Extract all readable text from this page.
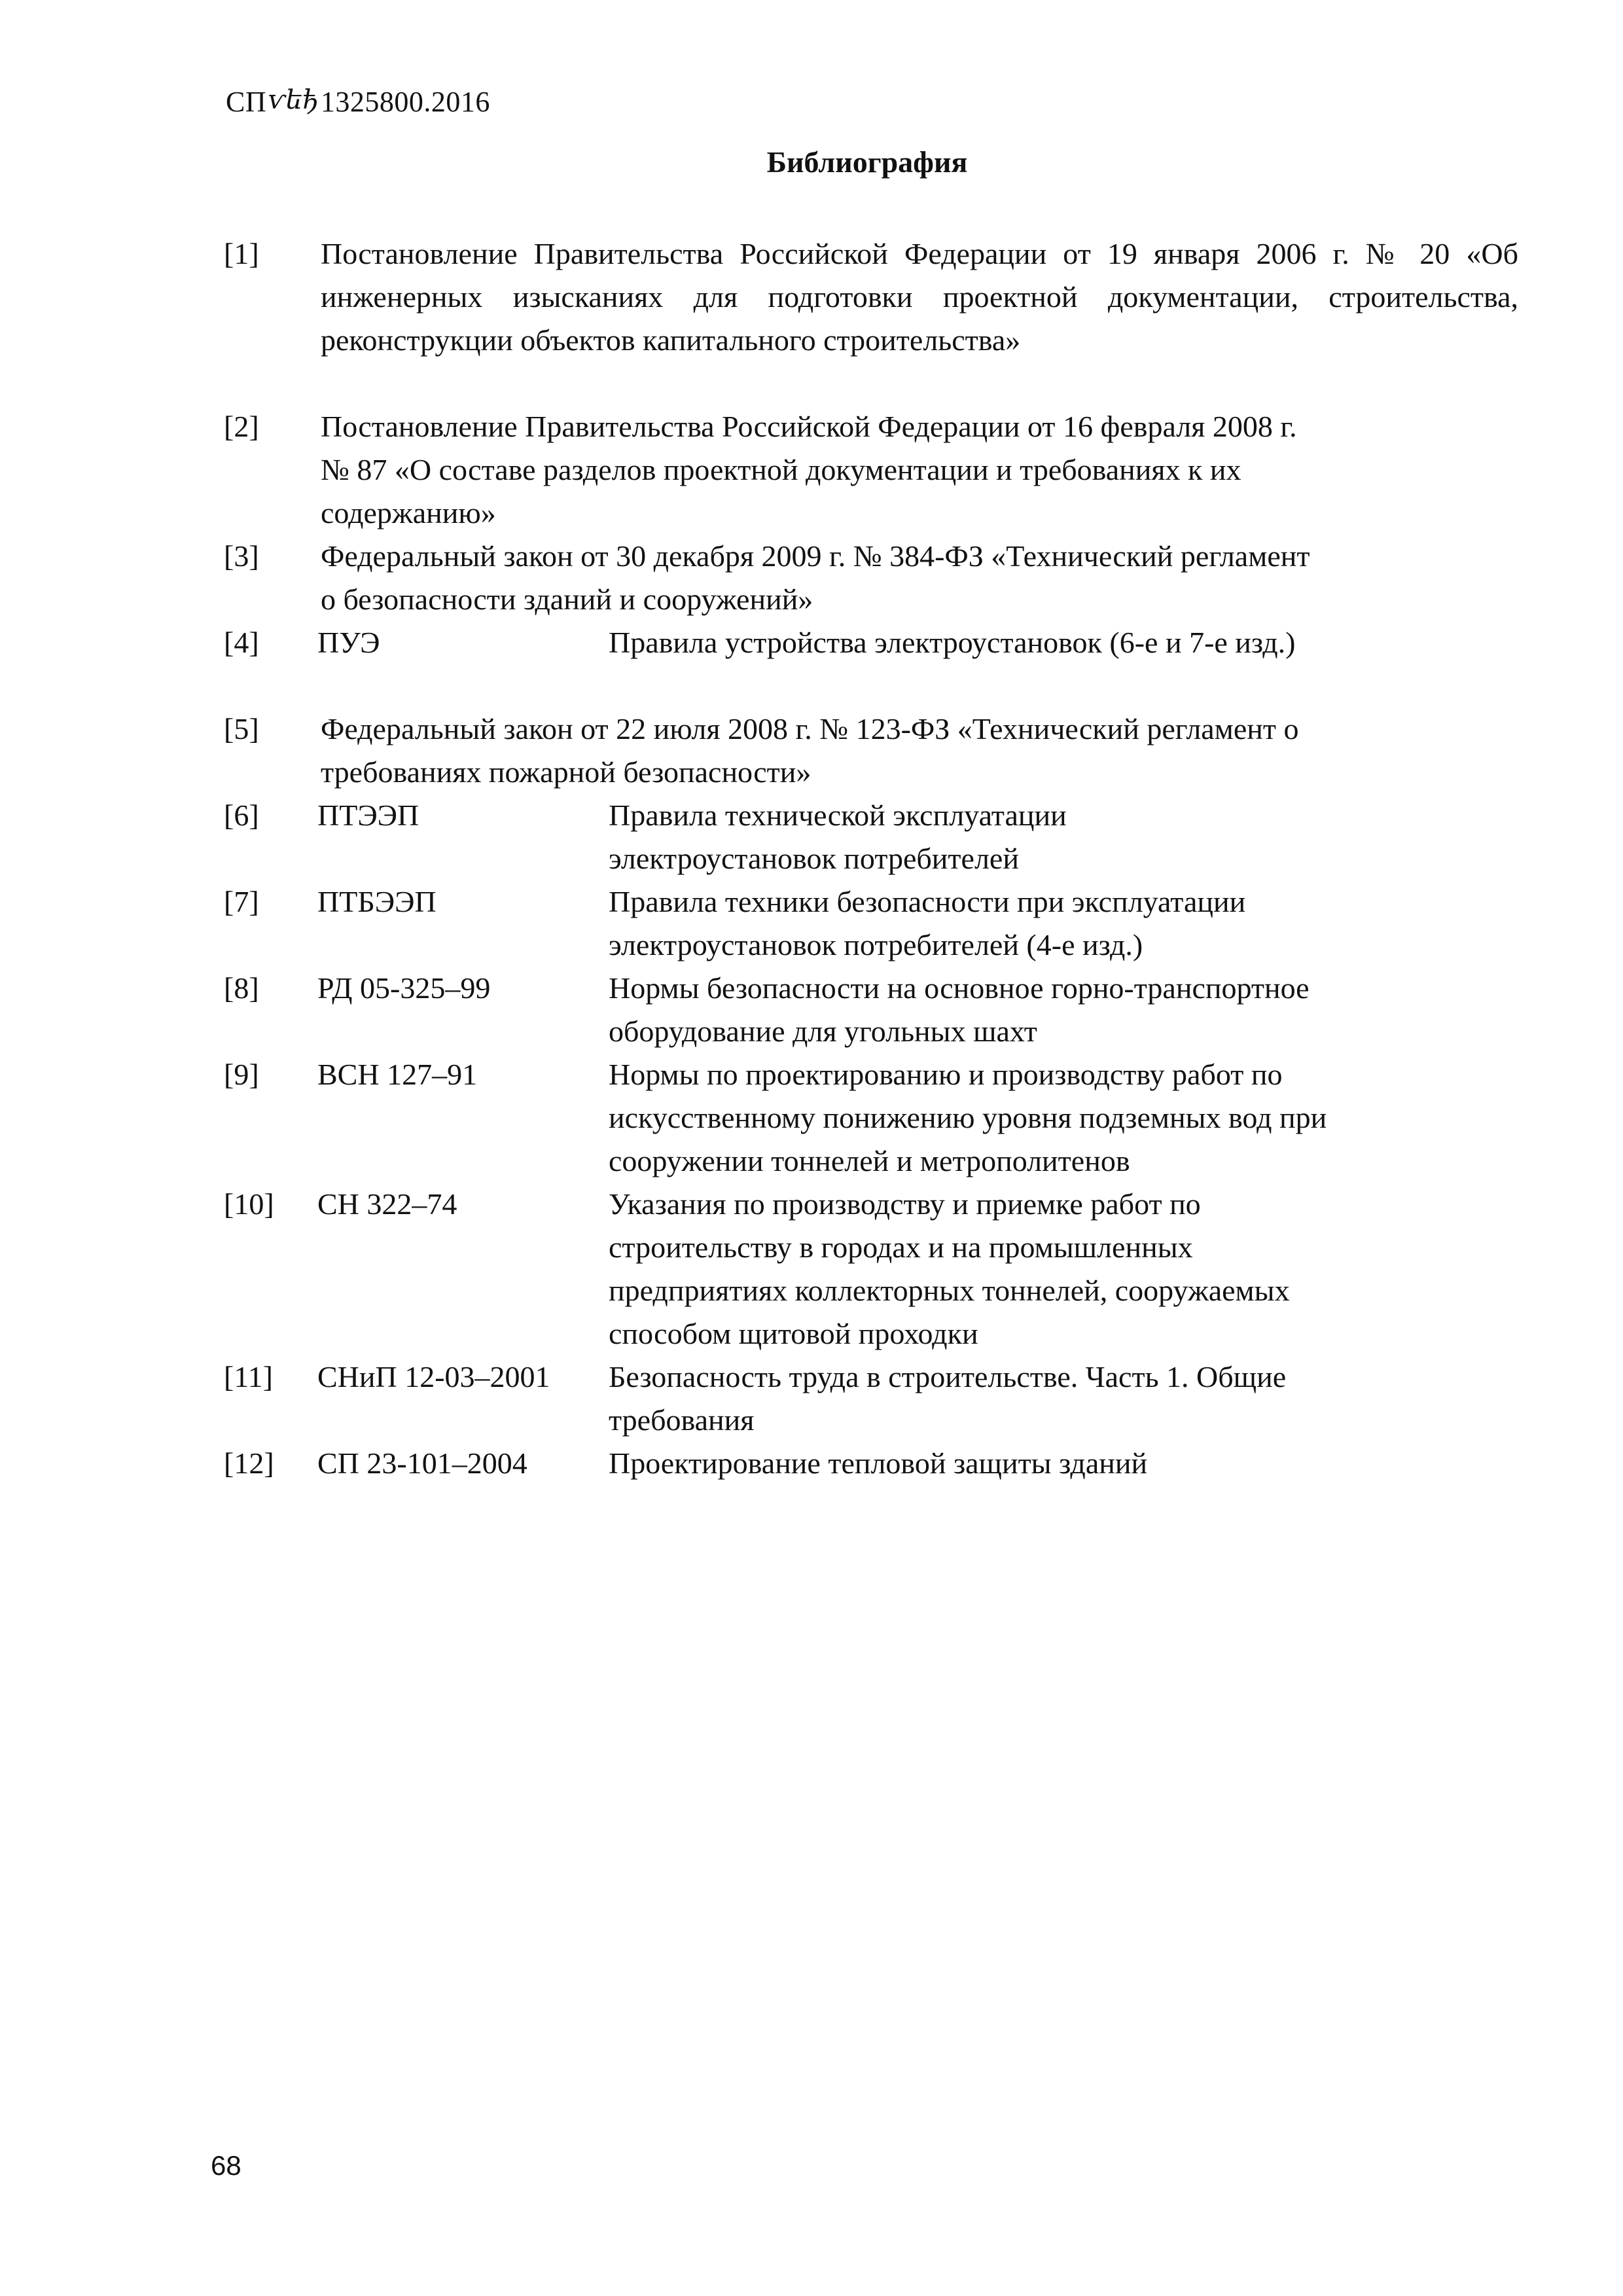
СПѵեђ1325800.2016
Библиография
[1]	Постановление Правительства Российской Федерации от 19 января 2006 г. № 20 «Об инженерных изысканиях для подготовки проектной документации, строительства, реконструкции объектов капитального строительства»
[2]	Постановление Правительства Российской Федерации от 16 февраля 2008 г. № 87 «О составе разделов проектной документации и требованиях к их содержанию»
[3]	Федеральный закон от 30 декабря 2009 г. № 384-ФЗ «Технический регламент о безопасности зданий и сооружений»
[4]	ПУЭ	Правила устройства электроустановок (6-е и 7-е изд.)
[5]	Федеральный закон от 22 июля 2008 г. № 123-ФЗ «Технический регламент о требованиях пожарной безопасности»
[6]	ПТЭЭП	Правила технической эксплуатации электроустановок потребителей
[7]	ПТБЭЭП	Правила техники безопасности при эксплуатации электроустановок потребителей (4-е изд.)
[8]	РД 05-325–99	Нормы безопасности на основное горно-транспортное оборудование для угольных шахт
[9]	ВСН 127–91	Нормы по проектированию и производству работ по искусственному понижению уровня подземных вод при сооружении тоннелей и метрополитенов
[10]	СН 322–74	Указания по производству и приемке работ по строительству в городах и на промышленных предприятиях коллекторных тоннелей, сооружаемых способом щитовой проходки
[11]	СНиП 12-03–2001	Безопасность труда в строительстве. Часть 1. Общие требования
[12]	СП 23-101–2004	Проектирование тепловой защиты зданий
68
